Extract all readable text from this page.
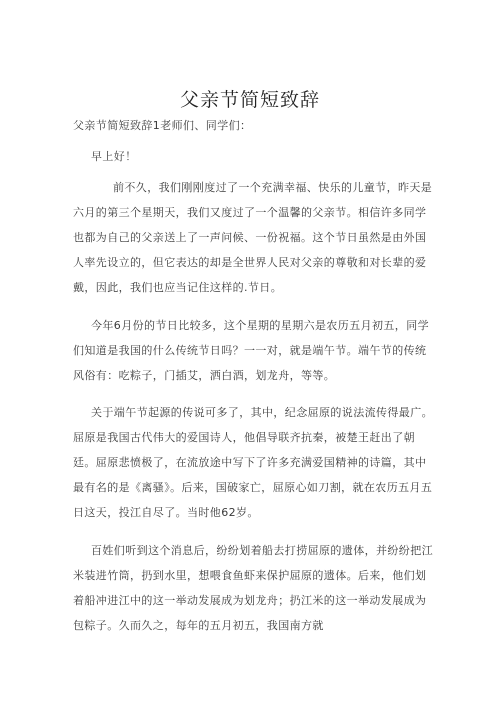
父亲节简短致辞

父亲节简短致辞1老师们、同学们：

早上好！

前不久，我们刚刚度过了一个充满幸福、快乐的儿童节，昨天是六月的第三个星期天，我们又度过了一个温馨的父亲节。相信许多同学也都为自己的父亲送上了一声问候、一份祝福。这个节日虽然是由外国人率先设立的，但它表达的却是全世界人民对父亲的尊敬和对长辈的爱戴，因此，我们也应当记住这样的.节日。

今年6月份的节日比较多，这个星期的星期六是农历五月初五，同学们知道是我国的什么传统节日吗？一一对，就是端午节。端午节的传统风俗有：吃粽子，门插艾，洒白酒，划龙舟，等等。

关于端午节起源的传说可多了，其中，纪念屈原的说法流传得最广。屈原是我国古代伟大的爱国诗人，他倡导联齐抗秦，被楚王赶出了朝廷。屈原悲愤极了，在流放途中写下了许多充满爱国精神的诗篇，其中最有名的是《离骚》。后来，国破家亡，屈原心如刀割，就在农历五月五日这天，投江自尽了。当时他62岁。

百姓们听到这个消息后，纷纷划着船去打捞屈原的遗体，并纷纷把江米装进竹筒，扔到水里，想喂食鱼虾来保护屈原的遗体。后来，他们划着船冲进江中的这一举动发展成为划龙舟；扔江米的这一举动发展成为包粽子。久而久之，每年的五月初五，我国南方就
